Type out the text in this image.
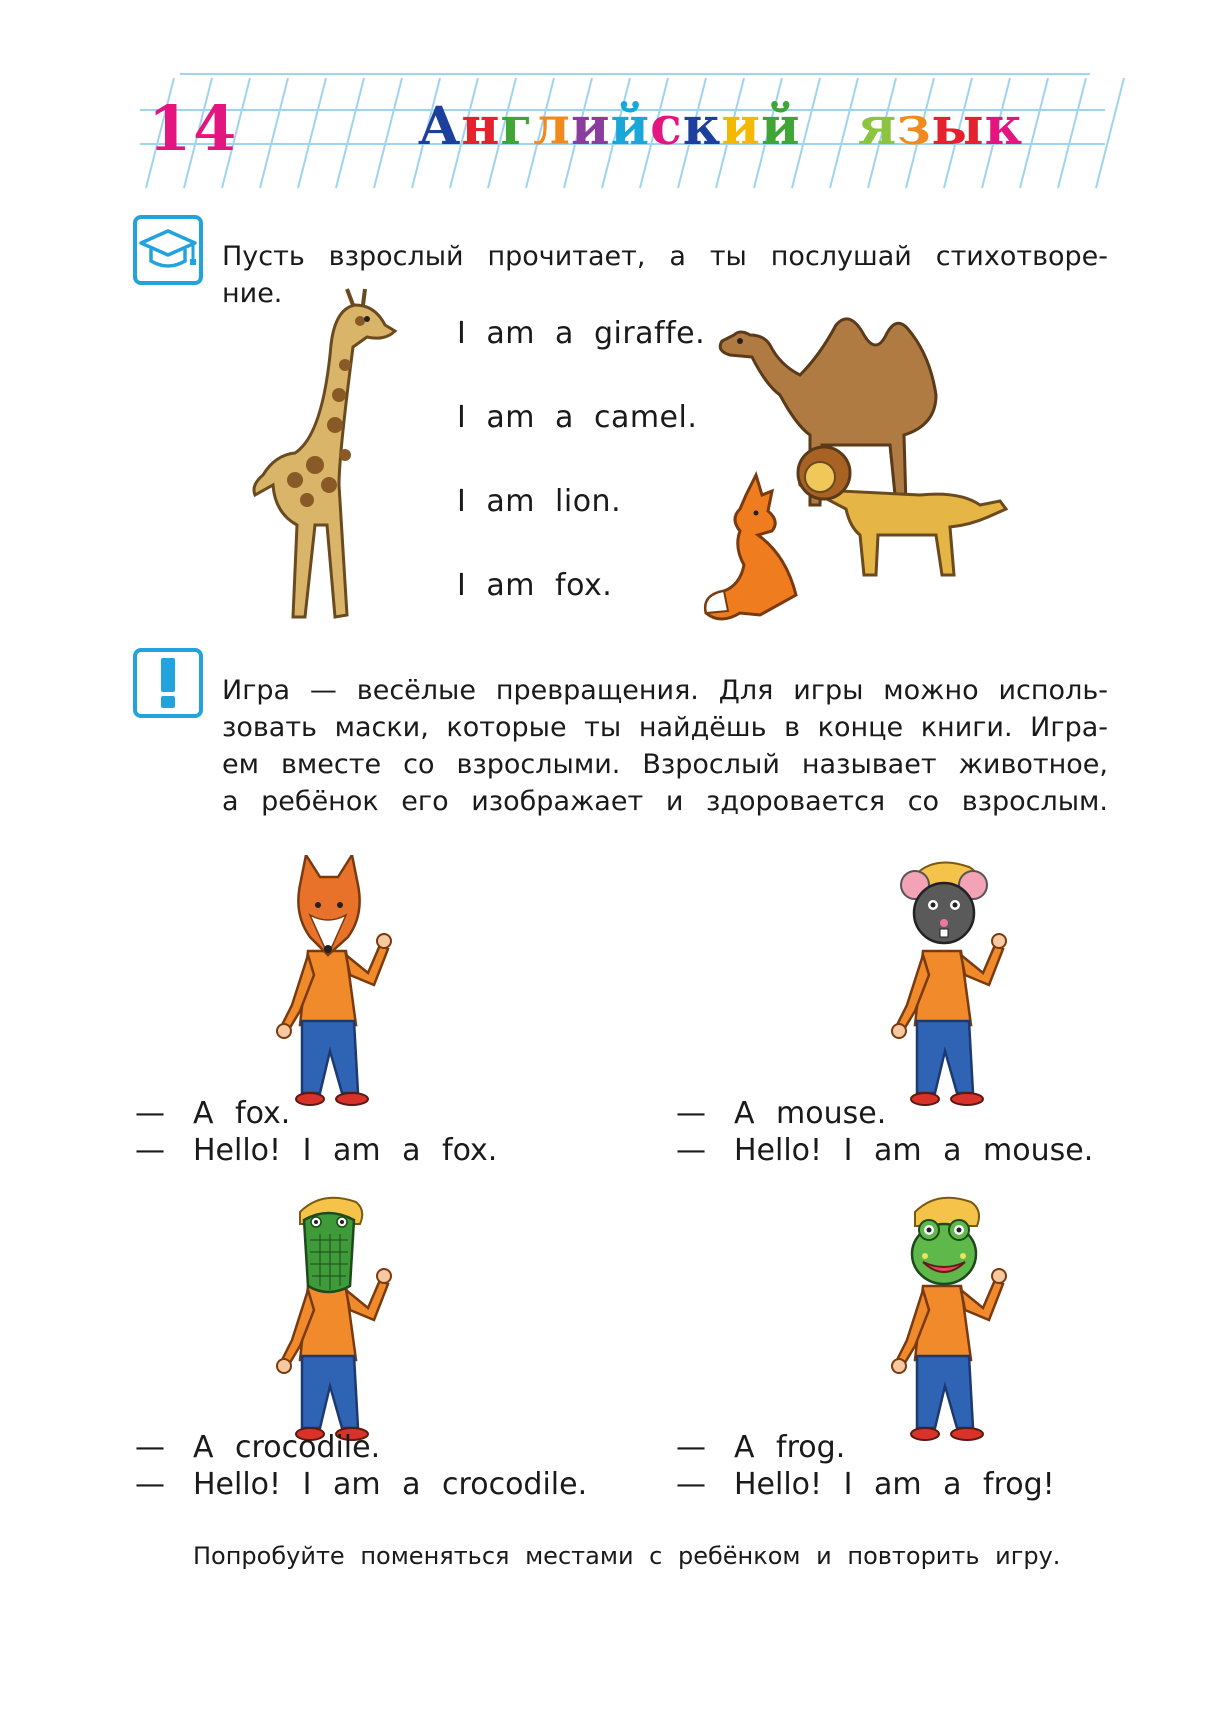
14	Английский язык
Пусть взрослый прочитает, а ты послушай стихотворе-
ние.
I am a giraffe.
I am a camel.
I am lion.
I am fox.
Игра — весёлые превращения. Для игры можно исполь-
зовать маски, которые ты найдёшь в конце книги. Игра-
ем вместе со взрослыми. Взрослый называет животное,
а ребёнок его изображает и здоровается со взрослым.
— A fox.
— Hello! I am a fox.
— A mouse.
— Hello! I am a mouse.
— A crocodile.
— Hello! I am a crocodile.
— A frog.
— Hello! I am a frog!
Попробуйте поменяться местами с ребёнком и повторить игру.
